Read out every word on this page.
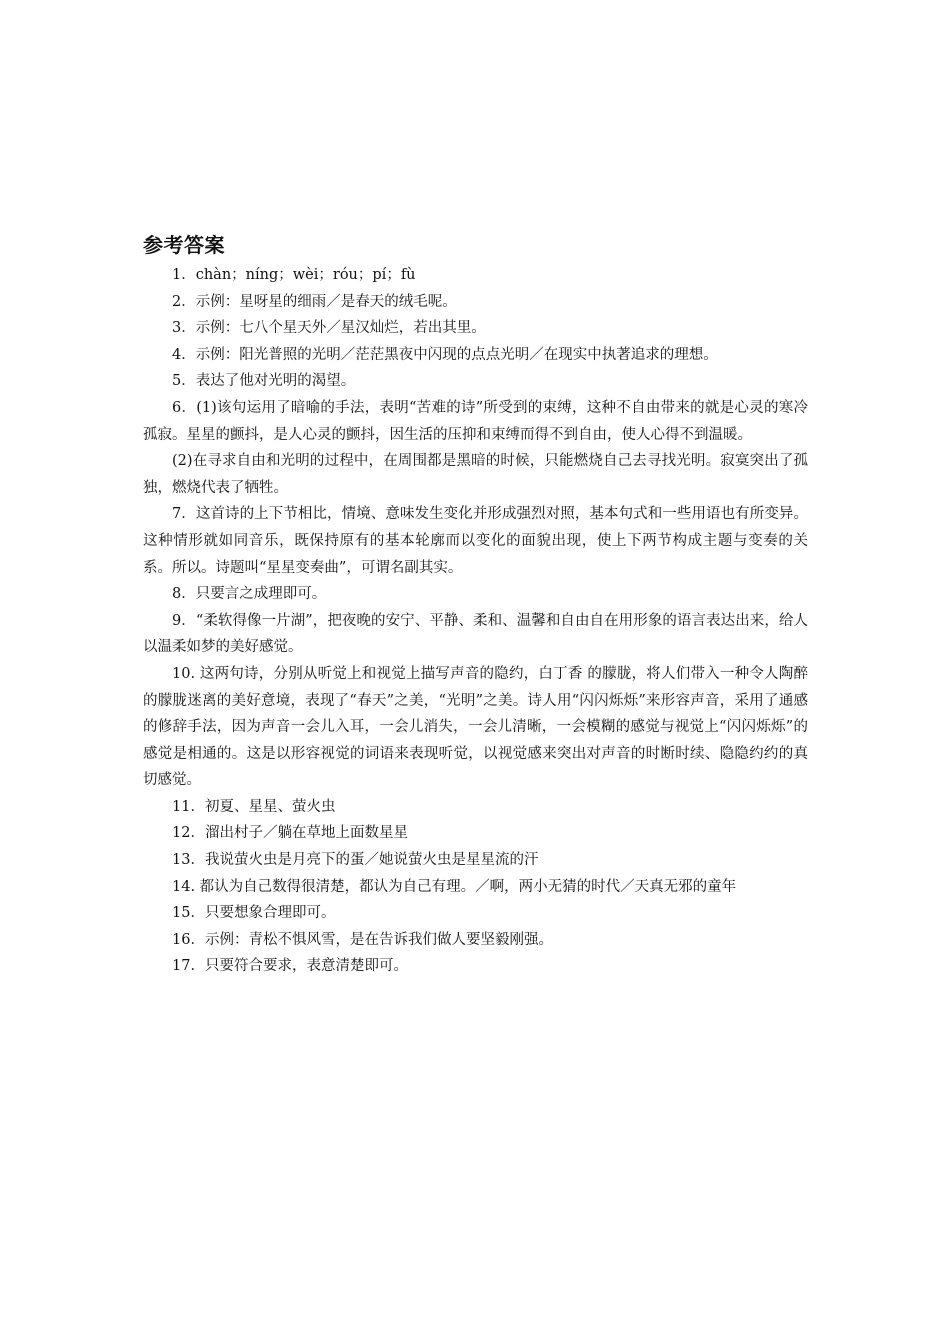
参考答案

1．chàn；níng；wèi；róu；pí；fù

2．示例：星呀星的细雨／是春天的绒毛呢。

3．示例：七八个星天外／星汉灿烂，若出其里。

4．示例：阳光普照的光明／茫茫黑夜中闪现的点点光明／在现实中执著追求的理想。

5．表达了他对光明的渴望。

6．(1)该句运用了暗喻的手法，表明“苦难的诗”所受到的束缚，这种不自由带来的就是心灵的寒冷孤寂。星星的颤抖，是人心灵的颤抖，因生活的压抑和束缚而得不到自由，使人心得不到温暖。

(2)在寻求自由和光明的过程中，在周围都是黑暗的时候，只能燃烧自己去寻找光明。寂寞突出了孤独，燃烧代表了牺牲。

7．这首诗的上下节相比，情境、意味发生变化并形成强烈对照，基本句式和一些用语也有所变异。这种情形就如同音乐，既保持原有的基本轮廓而以变化的面貌出现，使上下两节构成主题与变奏的关系。所以。诗题叫“星星变奏曲”，可谓名副其实。

8．只要言之成理即可。

9．“柔软得像一片湖”，把夜晚的安宁、平静、柔和、温馨和自由自在用形象的语言表达出来，给人以温柔如梦的美好感觉。

10. 这两句诗，分别从听觉上和视觉上描写声音的隐约，白丁香 的朦胧，将人们带入一种令人陶醉的朦胧迷离的美好意境，表现了“春天”之美，“光明”之美。诗人用“闪闪烁烁”来形容声音，采用了通感的修辞手法，因为声音一会儿入耳，一会儿消失，一会儿清晰，一会模糊的感觉与视觉上“闪闪烁烁”的感觉是相通的。这是以形容视觉的词语来表现听觉，以视觉感来突出对声音的时断时续、隐隐约约的真切感觉。

11．初夏、星星、萤火虫

12．溜出村子／躺在草地上面数星星

13．我说萤火虫是月亮下的蛋／她说萤火虫是星星流的汗

14. 都认为自己数得很清楚，都认为自己有理。／啊，两小无猜的时代／天真无邪的童年

15．只要想象合理即可。

16．示例：青松不惧风雪，是在告诉我们做人要坚毅刚强。

17．只要符合要求，表意清楚即可。
